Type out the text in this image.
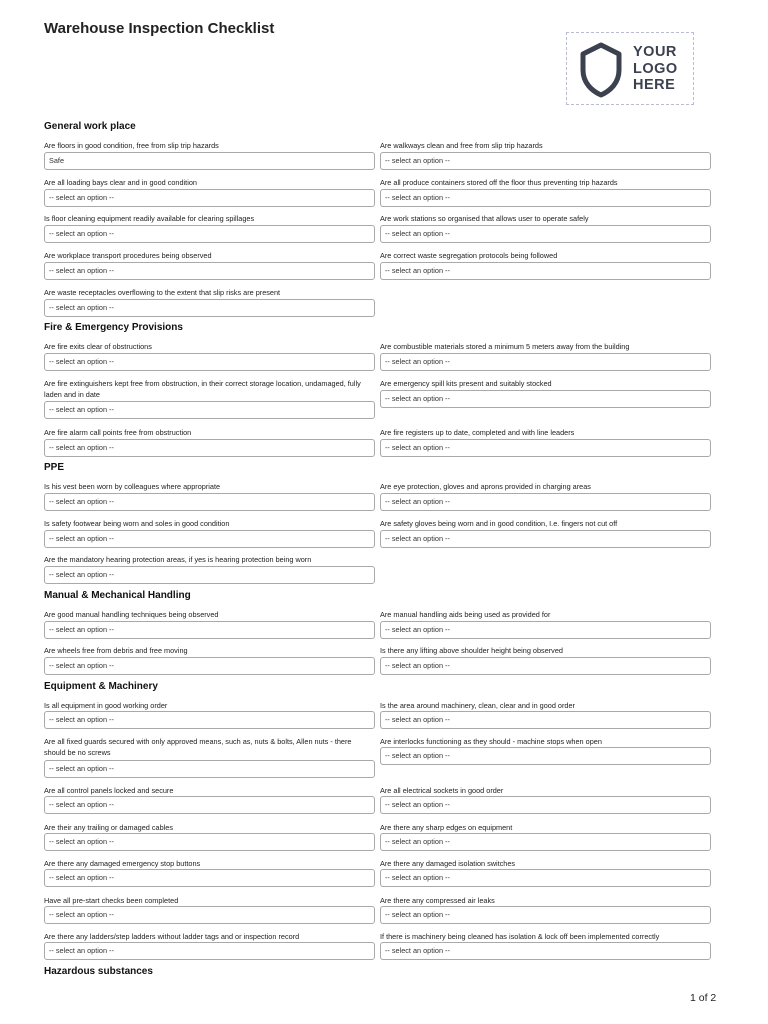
Warehouse Inspection Checklist
YOUR
LOGO
HERE
General work place
Are floors in good condition, free from slip trip hazards
Safe
Are walkways clean and free from slip trip hazards
-- select an option --
Are all loading bays clear and in good condition
-- select an option --
Are all produce containers stored off the floor thus preventing trip hazards
-- select an option --
Is floor cleaning equipment readily available for clearing spillages
-- select an option --
Are work stations so organised that allows user to operate safely
-- select an option --
Are workplace transport procedures being observed
-- select an option --
Are correct waste segregation protocols being followed
-- select an option --
Are waste receptacles overflowing to the extent that slip risks are present
-- select an option --
Fire & Emergency Provisions
Are fire exits clear of obstructions
-- select an option --
Are combustible materials stored a minimum 5 meters away from the building
-- select an option --
Are fire extinguishers kept free from obstruction, in their correct storage location, undamaged, fully laden and in date
-- select an option --
Are emergency spill kits present and suitably stocked
-- select an option --
Are fire alarm call points free from obstruction
-- select an option --
Are fire registers up to date, completed and with line leaders
-- select an option --
PPE
Is his vest been worn by colleagues where appropriate
-- select an option --
Are eye protection, gloves and aprons provided in charging areas
-- select an option --
Is safety footwear being worn and soles in good condition
-- select an option --
Are safety gloves being worn and in good condition, I.e. fingers not cut off
-- select an option --
Are the mandatory hearing protection areas, if yes is hearing protection being worn
-- select an option --
Manual & Mechanical Handling
Are good manual handling techniques being observed
-- select an option --
Are manual handling aids being used as provided for
-- select an option --
Are wheels free from debris and free moving
-- select an option --
Is there any lifting above shoulder height being observed
-- select an option --
Equipment & Machinery
Is all equipment in good working order
-- select an option --
Is the area around machinery, clean, clear and in good order
-- select an option --
Are all fixed guards secured with only approved means, such as, nuts & bolts, Allen nuts - there should be no screws
-- select an option --
Are interlocks functioning as they should - machine stops when open
-- select an option --
Are all control panels locked and secure
-- select an option --
Are all electrical sockets in good order
-- select an option --
Are their any trailing or damaged cables
-- select an option --
Are there any sharp edges on equipment
-- select an option --
Are there any damaged emergency stop buttons
-- select an option --
Are there any damaged isolation switches
-- select an option --
Have all pre-start checks been completed
-- select an option --
Are there any compressed air leaks
-- select an option --
Are there any ladders/step ladders without ladder tags and or inspection record
-- select an option --
If there is machinery being cleaned has isolation & lock off been implemented correctly
-- select an option --
Hazardous substances
1 of 2
